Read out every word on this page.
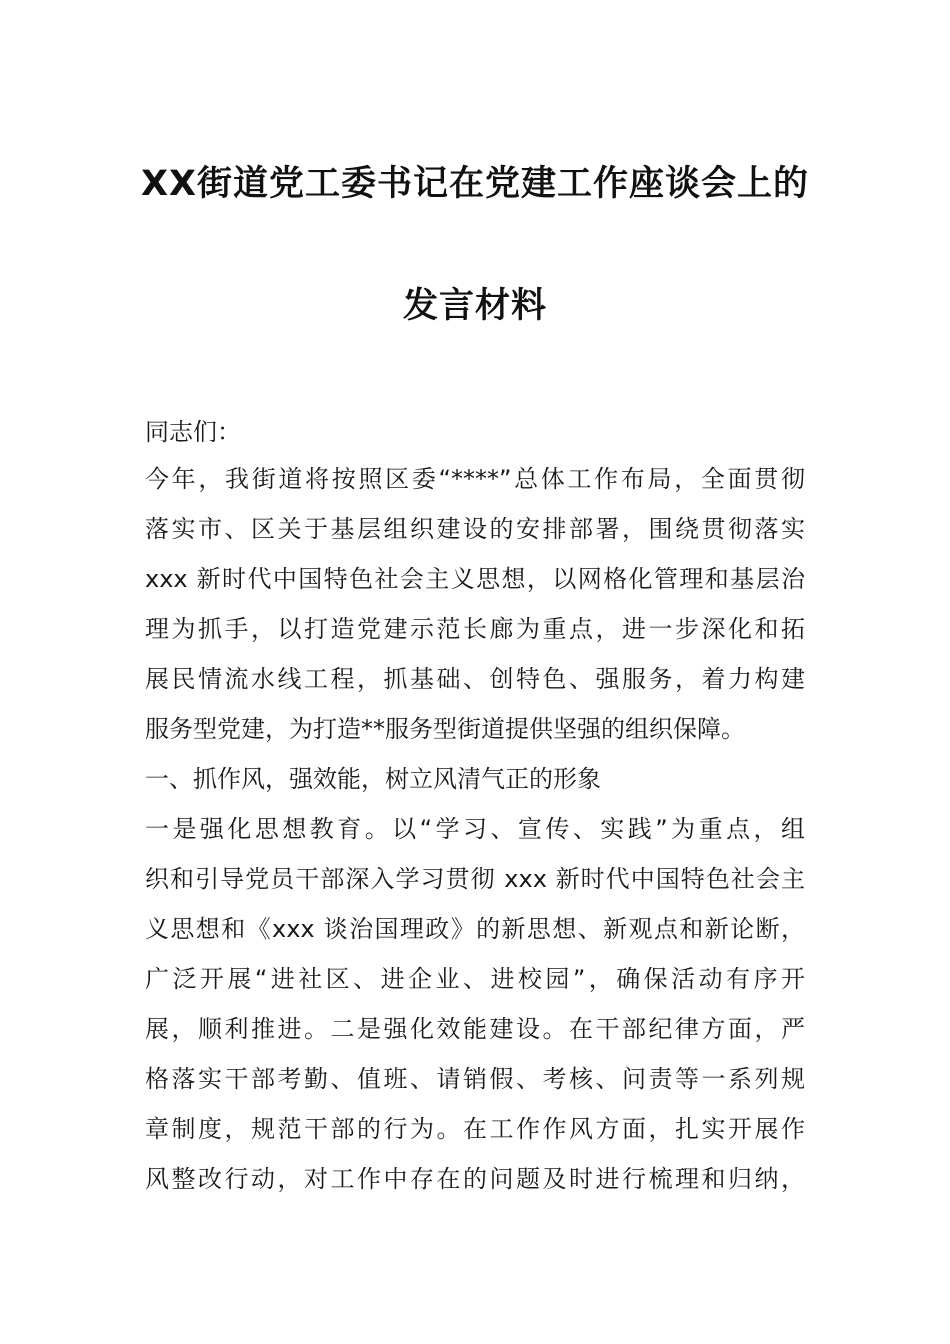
XX街道党工委书记在党建工作座谈会上的
发言材料
同志们：
今年，我街道将按照区委“****”总体工作布局，全面贯彻
落实市、区关于基层组织建设的安排部署，围绕贯彻落实
xxx 新时代中国特色社会主义思想，以网格化管理和基层治
理为抓手，以打造党建示范长廊为重点，进一步深化和拓
展民情流水线工程，抓基础、创特色、强服务，着力构建
服务型党建，为打造**服务型街道提供坚强的组织保障。
一、抓作风，强效能，树立风清气正的形象
一是强化思想教育。以“学习、宣传、实践”为重点，组
织和引导党员干部深入学习贯彻 xxx 新时代中国特色社会主
义思想和《xxx 谈治国理政》的新思想、新观点和新论断，
广泛开展“进社区、进企业、进校园”，确保活动有序开
展，顺利推进。二是强化效能建设。在干部纪律方面，严
格落实干部考勤、值班、请销假、考核、问责等一系列规
章制度，规范干部的行为。在工作作风方面，扎实开展作
风整改行动，对工作中存在的问题及时进行梳理和归纳，
